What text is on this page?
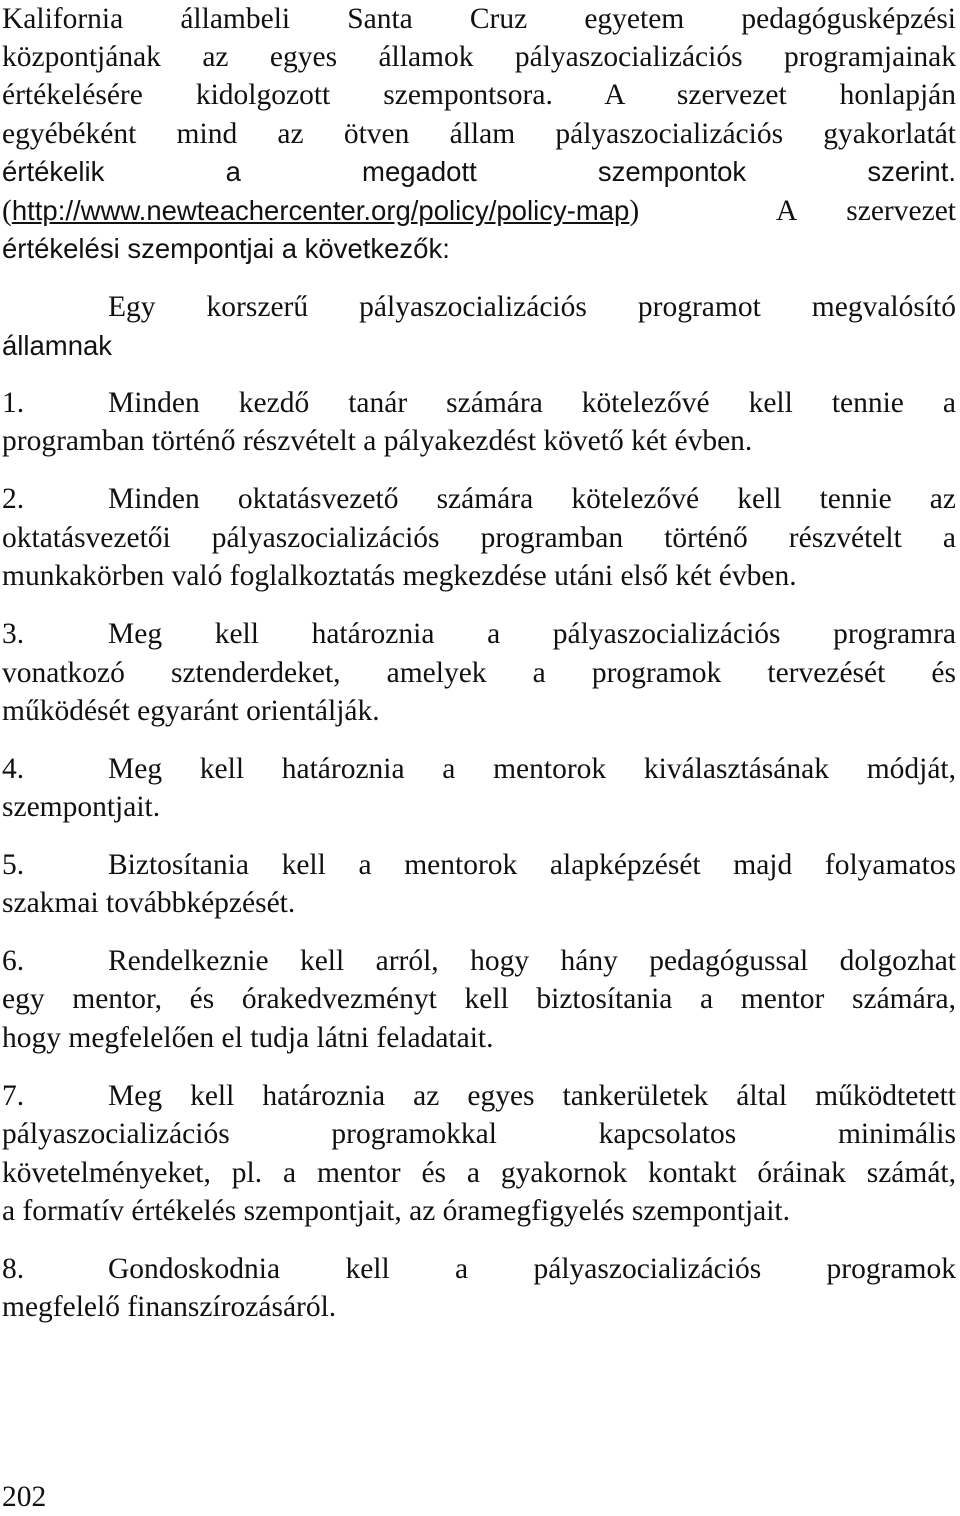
Kalifornia állambeli Santa Cruz egyetem pedagógusképzési
központjának az egyes államok pályaszocializációs programjainak
értékelésére kidolgozott szempontsora. A szervezet honlapján
egyébéként mind az ötven állam pályaszocializációs gyakorlatát
értékelik a megadott szempontok szerint.
(http://www.newteachercenter.org/policy/policy-map)	A szervezet
értékelési szempontjai a következők:
Egy korszerű pályaszocializációs programot megvalósító
államnak
1.	Minden kezdő tanár számára kötelezővé kell tennie a
programban történő részvételt a pályakezdést követő két évben.
2.	Minden oktatásvezető számára kötelezővé kell tennie az
oktatásvezetői pályaszocializációs programban történő részvételt a
munkakörben való foglalkoztatás megkezdése utáni első két évben.
3.	Meg kell határoznia a pályaszocializációs programra
vonatkozó sztenderdeket, amelyek a programok tervezését és
működését egyaránt orientálják.
4.	Meg kell határoznia a mentorok kiválasztásának módját,
szempontjait.
5.	Biztosítania kell a mentorok alapképzését majd folyamatos
szakmai továbbképzését.
6.	Rendelkeznie kell arról, hogy hány pedagógussal dolgozhat
egy mentor, és órakedvezményt kell biztosítania a mentor számára,
hogy megfelelően el tudja látni feladatait.
7.	Meg kell határoznia az egyes tankerületek által működtetett
pályaszocializációs programokkal kapcsolatos minimális
követelményeket, pl. a mentor és a gyakornok kontakt óráinak számát,
a formatív értékelés szempontjait, az óramegfigyelés szempontjait.
8.	Gondoskodnia kell a pályaszocializációs programok
megfelelő finanszírozásáról.
202
